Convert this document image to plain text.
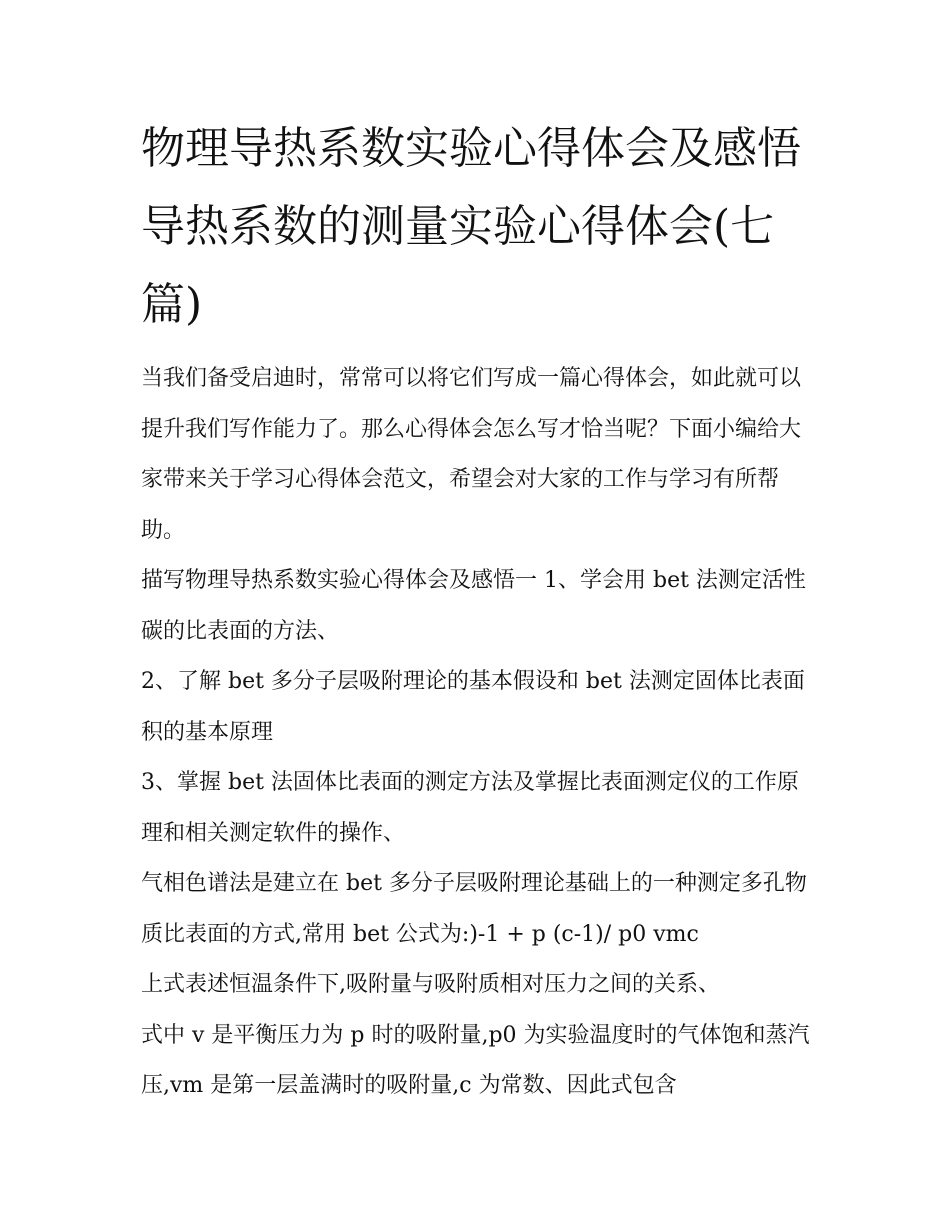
物理导热系数实验心得体会及感悟 导热系数的测量实验心得体会(七篇)

当我们备受启迪时，常常可以将它们写成一篇心得体会，如此就可以提升我们写作能力了。那么心得体会怎么写才恰当呢？下面小编给大家带来关于学习心得体会范文，希望会对大家的工作与学习有所帮助。

描写物理导热系数实验心得体会及感悟一 1、学会用 bet 法测定活性碳的比表面的方法、

2、了解 bet 多分子层吸附理论的基本假设和 bet 法测定固体比表面积的基本原理

3、掌握 bet 法固体比表面的测定方法及掌握比表面测定仪的工作原理和相关测定软件的操作、

气相色谱法是建立在 bet 多分子层吸附理论基础上的一种测定多孔物质比表面的方式,常用 bet 公式为:)-1 + p (c-1)/ p0 vmc

上式表述恒温条件下,吸附量与吸附质相对压力之间的关系、

式中 v 是平衡压力为 p 时的吸附量,p0 为实验温度时的气体饱和蒸汽压,vm 是第一层盖满时的吸附量,c 为常数、因此式包含
